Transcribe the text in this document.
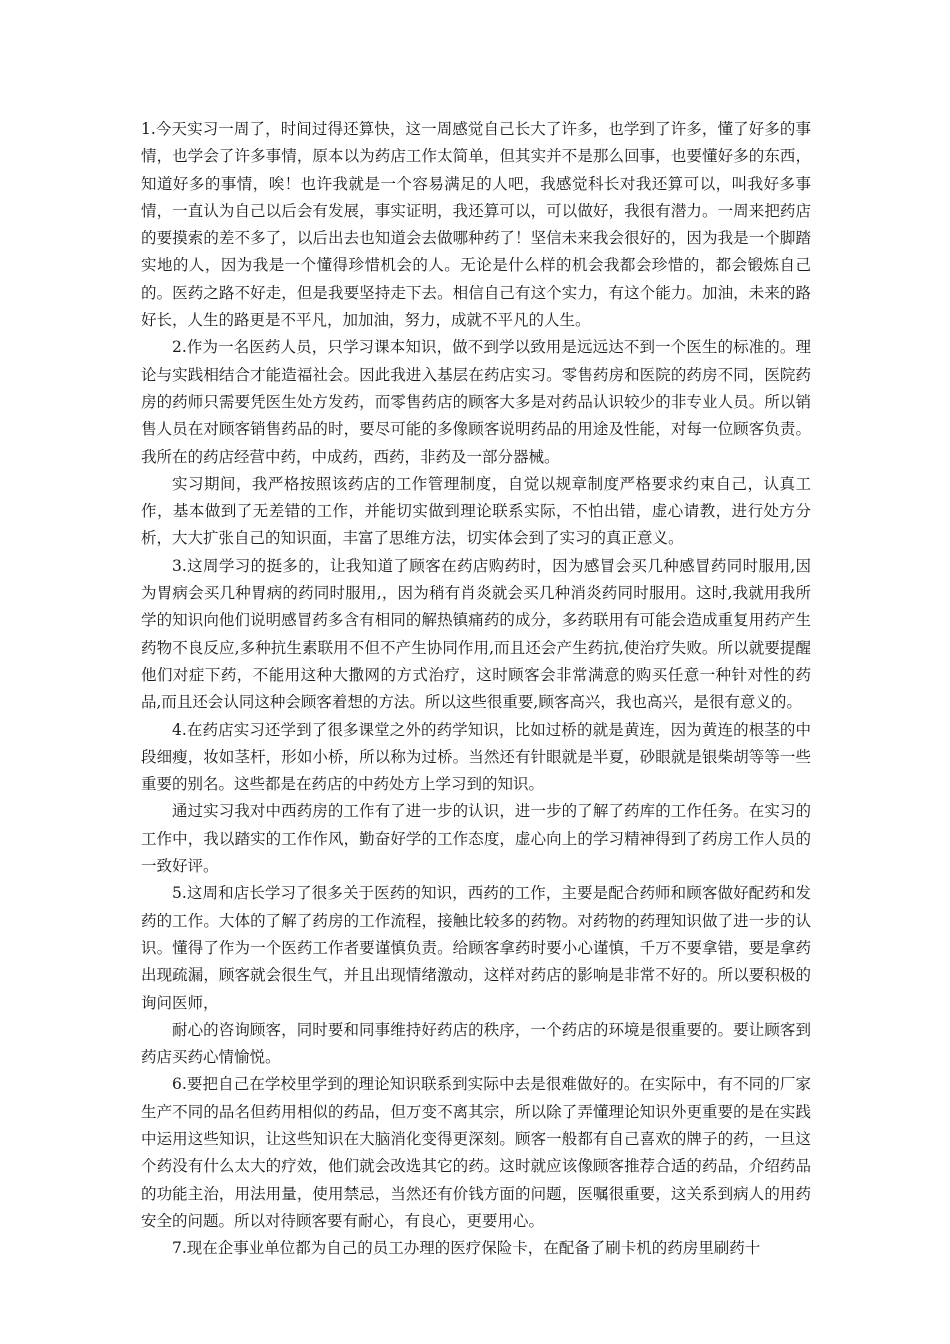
1.今天实习一周了，时间过得还算快，这一周感觉自己长大了许多，也学到了许多，懂了好多的事情，也学会了许多事情，原本以为药店工作太简单，但其实并不是那么回事，也要懂好多的东西，知道好多的事情，唉！也许我就是一个容易满足的人吧，我感觉科长对我还算可以，叫我好多事情，一直认为自己以后会有发展，事实证明，我还算可以，可以做好，我很有潜力。一周来把药店的要摸索的差不多了，以后出去也知道会去做哪种药了！坚信未来我会很好的，因为我是一个脚踏实地的人，因为我是一个懂得珍惜机会的人。无论是什么样的机会我都会珍惜的，都会锻炼自己的。医药之路不好走，但是我要坚持走下去。相信自己有这个实力，有这个能力。加油，未来的路好长，人生的路更是不平凡，加加油，努力，成就不平凡的人生。

2.作为一名医药人员，只学习课本知识，做不到学以致用是远远达不到一个医生的标准的。理论与实践相结合才能造福社会。因此我进入基层在药店实习。零售药房和医院的药房不同，医院药房的药师只需要凭医生处方发药，而零售药店的顾客大多是对药品认识较少的非专业人员。所以销售人员在对顾客销售药品的时，要尽可能的多像顾客说明药品的用途及性能，对每一位顾客负责。我所在的药店经营中药，中成药，西药，非药及一部分器械。

实习期间，我严格按照该药店的工作管理制度，自觉以规章制度严格要求约束自己，认真工作，基本做到了无差错的工作，并能切实做到理论联系实际，不怕出错，虚心请教，进行处方分析，大大扩张自己的知识面，丰富了思维方法，切实体会到了实习的真正意义。

3.这周学习的挺多的，让我知道了顾客在药店购药时，因为感冒会买几种感冒药同时服用,因为胃病会买几种胃病的药同时服用,，因为稍有肖炎就会买几种消炎药同时服用。这时,我就用我所学的知识向他们说明感冒药多含有相同的解热镇痛药的成分，多药联用有可能会造成重复用药产生药物不良反应,多种抗生素联用不但不产生协同作用,而且还会产生药抗,使治疗失败。所以就要提醒他们对症下药，不能用这种大撒网的方式治疗，这时顾客会非常满意的购买任意一种针对性的药品,而且还会认同这种会顾客着想的方法。所以这些很重要,顾客高兴，我也高兴，是很有意义的。

4.在药店实习还学到了很多课堂之外的药学知识，比如过桥的就是黄连，因为黄连的根茎的中段细瘦，妆如茎杆，形如小桥，所以称为过桥。当然还有针眼就是半夏，砂眼就是银柴胡等等一些重要的别名。这些都是在药店的中药处方上学习到的知识。

通过实习我对中西药房的工作有了进一步的认识，进一步的了解了药库的工作任务。在实习的工作中，我以踏实的工作作风，勤奋好学的工作态度，虚心向上的学习精神得到了药房工作人员的一致好评。

5.这周和店长学习了很多关于医药的知识，西药的工作，主要是配合药师和顾客做好配药和发药的工作。大体的了解了药房的工作流程，接触比较多的药物。对药物的药理知识做了进一步的认识。懂得了作为一个医药工作者要谨慎负责。给顾客拿药时要小心谨慎，千万不要拿错，要是拿药出现疏漏，顾客就会很生气，并且出现情绪激动，这样对药店的影响是非常不好的。所以要积极的询问医师，

耐心的咨询顾客，同时要和同事维持好药店的秩序，一个药店的环境是很重要的。要让顾客到药店买药心情愉悦。

6.要把自己在学校里学到的理论知识联系到实际中去是很难做好的。在实际中，有不同的厂家生产不同的品名但药用相似的药品，但万变不离其宗，所以除了弄懂理论知识外更重要的是在实践中运用这些知识，让这些知识在大脑消化变得更深刻。顾客一般都有自己喜欢的牌子的药，一旦这个药没有什么太大的疗效，他们就会改选其它的药。这时就应该像顾客推荐合适的药品，介绍药品的功能主治，用法用量，使用禁忌，当然还有价钱方面的问题，医嘱很重要，这关系到病人的用药安全的问题。所以对待顾客要有耐心，有良心，更要用心。

7.现在企事业单位都为自己的员工办理的医疗保险卡，在配备了刷卡机的药房里刷药十
